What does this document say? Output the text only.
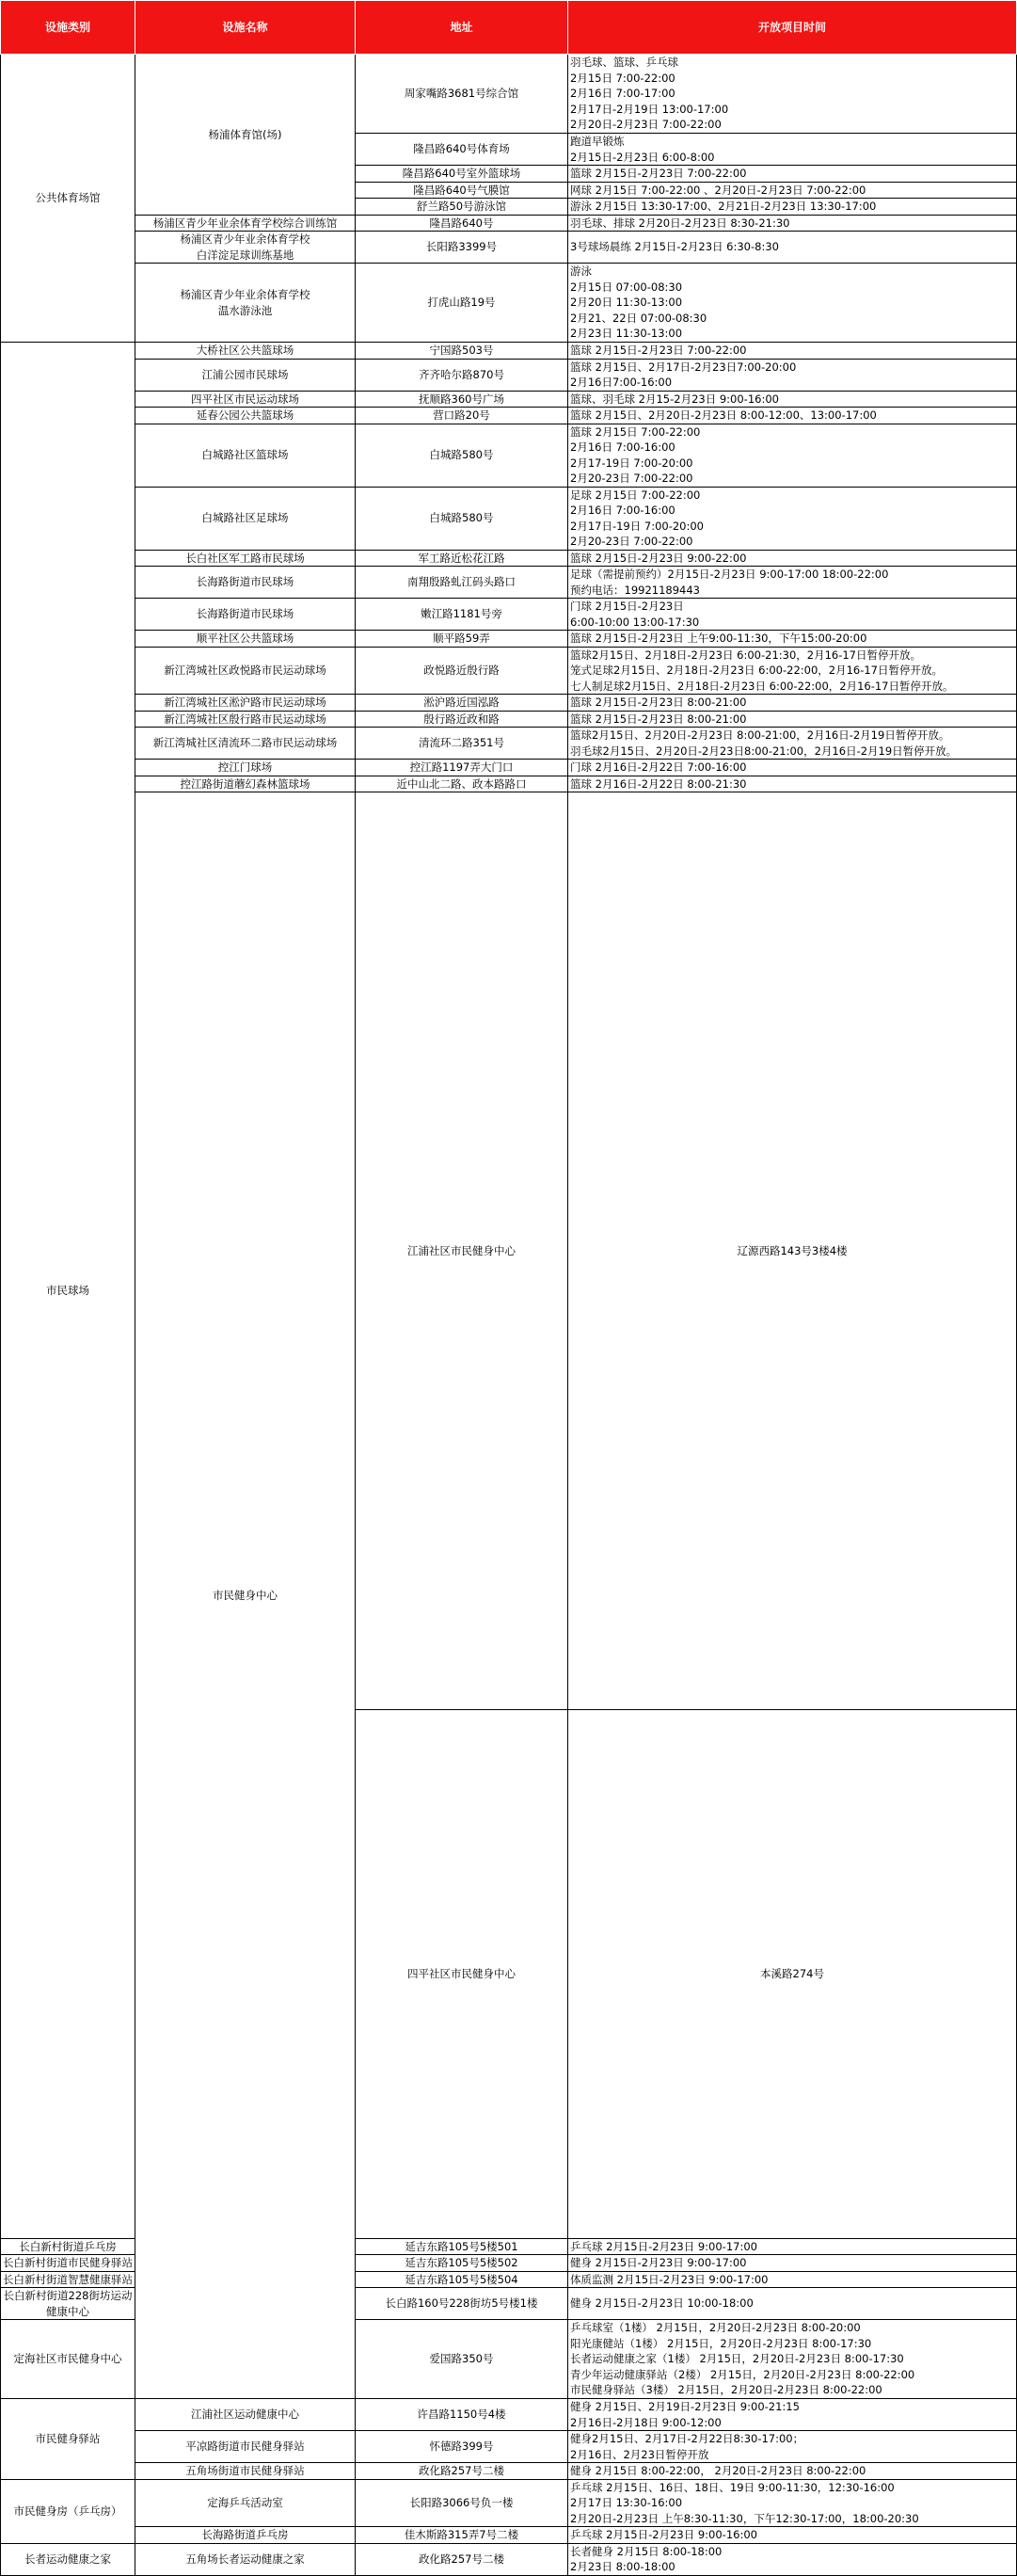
设施类别	设施名称	地址	开放项目时间	
公共体育场馆	杨浦体育馆(场)	周家嘴路3681号综合馆	羽毛球、篮球、乒乓球
2月15日 7:00-22:00
2月16日 7:00-17:00
2月17日-2月19日 13:00-17:00
2月20日-2月23日 7:00-22:00	
		隆昌路640号体育场	跑道早锻炼
2月15日-2月23日 6:00-8:00	
		隆昌路640号室外篮球场	篮球 2月15日-2月23日 7:00-22:00	
		隆昌路640号气膜馆	网球 2月15日 7:00-22:00 、2月20日-2月23日 7:00-22:00	
		舒兰路50号游泳馆	游泳 2月15日 13:30-17:00、2月21日-2月23日 13:30-17:00	
	杨浦区青少年业余体育学校综合训练馆	隆昌路640号	羽毛球、排球 2月20日-2月23日 8:30-21:30	
	杨浦区青少年业余体育学校
白洋淀足球训练基地	长阳路3399号	3号球场晨练 2月15日-2月23日 6:30-8:30	
	杨浦区青少年业余体育学校
温水游泳池	打虎山路19号	游泳
2月15日 07:00-08:30
2月20日 11:30-13:00
2月21、22日 07:00-08:30
2月23日 11:30-13:00	
市民球场	大桥社区公共篮球场	宁国路503号	篮球 2月15日-2月23日 7:00-22:00	
	江浦公园市民球场	齐齐哈尔路870号	篮球 2月15日、2月17日-2月23日7:00-20:00
2月16日7:00-16:00	
	四平社区市民运动球场	抚顺路360号广场	篮球、羽毛球 2月15-2月23日 9:00-16:00	
	延春公园公共篮球场	营口路20号	篮球 2月15日、2月20日-2月23日 8:00-12:00、13:00-17:00	
	白城路社区篮球场	白城路580号	篮球 2月15日 7:00-22:00
2月16日 7:00-16:00
2月17-19日 7:00-20:00
2月20-23日 7:00-22:00	
	白城路社区足球场	白城路580号	足球 2月15日 7:00-22:00
2月16日 7:00-16:00
2月17日-19日 7:00-20:00
2月20-23日 7:00-22:00	
	长白社区军工路市民球场	军工路近松花江路	篮球 2月15日-2月23日 9:00-22:00	
	长海路街道市民球场	南翔殷路虬江码头路口	足球（需提前预约）2月15日-2月23日 9:00-17:00 18:00-22:00
预约电话：19921189443	
	长海路街道市民球场	嫩江路1181号旁	门球 2月15日-2月23日
6:00-10:00 13:00-17:30	
	顺平社区公共篮球场	顺平路59弄	篮球 2月15日-2月23日 上午9:00-11:30，下午15:00-20:00	
	新江湾城社区政悦路市民运动球场	政悦路近殷行路	篮球2月15日、2月18日-2月23日 6:00-21:30，2月16-17日暂停开放。
笼式足球2月15日、2月18日-2月23日 6:00-22:00，2月16-17日暂停开放。
七人制足球2月15日、2月18日-2月23日 6:00-22:00，2月16-17日暂停开放。	
	新江湾城社区淞沪路市民运动球场	淞沪路近国泓路	篮球 2月15日-2月23日 8:00-21:00	
	新江湾城社区殷行路市民运动球场	殷行路近政和路	篮球 2月15日-2月23日 8:00-21:00	
	新江湾城社区清流环二路市民运动球场	清流环二路351号	篮球2月15日、2月20日-2月23日 8:00-21:00，2月16日-2月19日暂停开放。
羽毛球2月15日、2月20日-2月23日8:00-21:00，2月16日-2月19日暂停开放。	
	控江门球场	控江路1197弄大门口	门球 2月16日-2月22日 7:00-16:00	
	控江路街道蘑幻森林篮球场	近中山北二路、政本路路口	篮球 2月16日-2月22日 8:00-21:30	
	市民健身中心	江浦社区市民健身中心	辽源西路143号3楼4楼	
		四平社区市民健身中心	本溪路274号	
长白新村街道乒乓房		延吉东路105号5楼501	乒乓球 2月15日-2月23日 9:00-17:00	
长白新村街道市民健身驿站		延吉东路105号5楼502	健身 2月15日-2月23日 9:00-17:00	
长白新村街道智慧健康驿站		延吉东路105号5楼504	体质监测 2月15日-2月23日 9:00-17:00	
长白新村街道228街坊运动健康中心		长白路160号228街坊5号楼1楼	健身 2月15日-2月23日 10:00-18:00	
定海社区市民健身中心		爱国路350号	乒乓球室（1楼） 2月15日，2月20日-2月23日 8:00-20:00
阳光康健站（1楼） 2月15日，2月20日-2月23日 8:00-17:30
长者运动健康之家（1楼） 2月15日，2月20日-2月23日 8:00-17:30
青少年运动健康驿站（2楼） 2月15日，2月20日-2月23日 8:00-22:00
市民健身驿站（3楼） 2月15日，2月20日-2月23日 8:00-22:00	
市民健身驿站	江浦社区运动健康中心	许昌路1150号4楼	健身 2月15日、2月19日-2月23日 9:00-21:15
2月16日-2月18日 9:00-12:00	
	平凉路街道市民健身驿站	怀德路399号	健身2月15日、2月17日-2月22日8:30-17:00；
2月16日、2月23日暂停开放	
	五角场街道市民健身驿站	政化路257号二楼	健身 2月15日 8:00-22:00， 2月20日-2月23日 8:00-22:00	
市民健身房（乒乓房）	定海乒乓活动室	长阳路3066号负一楼	乒乓球 2月15日、16日、18日、19日 9:00-11:30，12:30-16:00
2月17日 13:30-16:00
2月20日-2月23日 上午8:30-11:30，下午12:30-17:00，18:00-20:30	
	长海路街道乒乓房	佳木斯路315弄7号二楼	乒乓球 2月15日-2月23日 9:00-16:00	
长者运动健康之家	五角场长者运动健康之家	政化路257号二楼	长者健身 2月15日 8:00-18:00
2月23日 8:00-18:00	
